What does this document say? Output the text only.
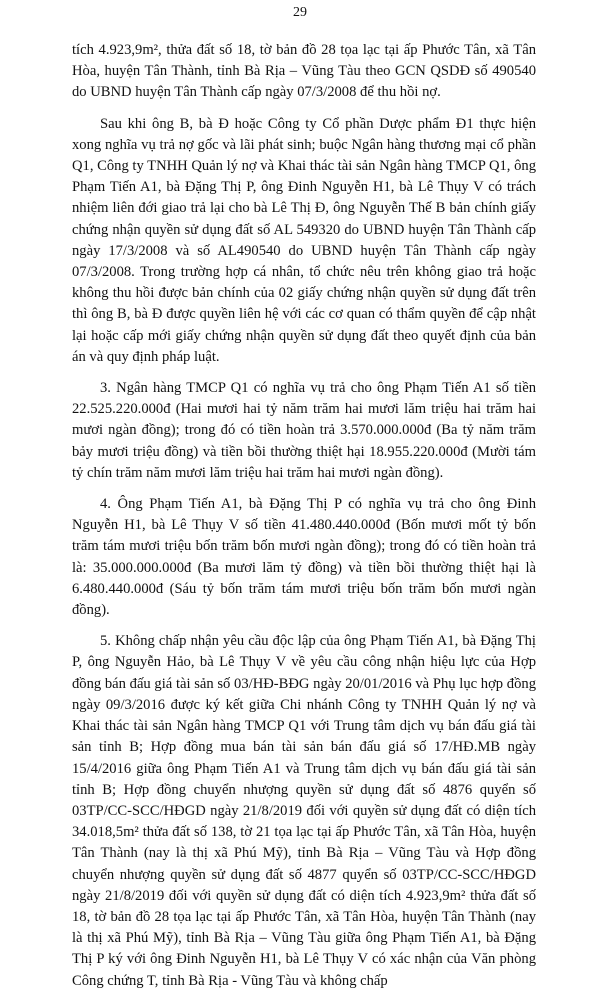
29

tích 4.923,9m², thửa đất số 18, tờ bản đồ 28 tọa lạc tại ấp Phước Tân, xã Tân Hòa, huyện Tân Thành, tỉnh Bà Rịa – Vũng Tàu theo GCN QSDĐ số 490540 do UBND huyện Tân Thành cấp ngày 07/3/2008 để thu hồi nợ.

Sau khi ông B, bà Đ hoặc Công ty Cổ phần Dược phẩm Đ1 thực hiện xong nghĩa vụ trả nợ gốc và lãi phát sinh; buộc Ngân hàng thương mại cổ phần Q1, Công ty TNHH Quản lý nợ và Khai thác tài sản Ngân hàng TMCP Q1, ông Phạm Tiến A1, bà Đặng Thị P, ông Đinh Nguyễn H1, bà Lê Thụy V có trách nhiệm liên đới giao trả lại cho bà Lê Thị Đ, ông Nguyễn Thế B bản chính giấy chứng nhận quyền sử dụng đất số AL 549320 do UBND huyện Tân Thành cấp ngày 17/3/2008 và số AL490540 do UBND huyện Tân Thành cấp ngày 07/3/2008. Trong trường hợp cá nhân, tổ chức nêu trên không giao trả hoặc không thu hồi được bản chính của 02 giấy chứng nhận quyền sử dụng đất trên thì ông B, bà Đ được quyền liên hệ với các cơ quan có thẩm quyền để cập nhật lại hoặc cấp mới giấy chứng nhận quyền sử dụng đất theo quyết định của bản án và quy định pháp luật.

3. Ngân hàng TMCP Q1 có nghĩa vụ trả cho ông Phạm Tiến A1 số tiền 22.525.220.000đ (Hai mươi hai tỷ năm trăm hai mươi lăm triệu hai trăm hai mươi ngàn đồng); trong đó có tiền hoàn trả 3.570.000.000đ (Ba tỷ năm trăm bảy mươi triệu đồng) và tiền bồi thường thiệt hại 18.955.220.000đ (Mười tám tỷ chín trăm năm mươi lăm triệu hai trăm hai mươi ngàn đồng).

4. Ông Phạm Tiến A1, bà Đặng Thị P có nghĩa vụ trả cho ông Đinh Nguyễn H1, bà Lê Thụy V số tiền 41.480.440.000đ (Bốn mươi mốt tỷ bốn trăm tám mươi triệu bốn trăm bốn mươi ngàn đồng); trong đó có tiền hoàn trả là: 35.000.000.000đ (Ba mươi lăm tỷ đồng) và tiền bồi thường thiệt hại là 6.480.440.000đ (Sáu tỷ bốn trăm tám mươi triệu bốn trăm bốn mươi ngàn đồng).

5. Không chấp nhận yêu cầu độc lập của ông Phạm Tiến A1, bà Đặng Thị P, ông Nguyễn Hảo, bà Lê Thụy V về yêu cầu công nhận hiệu lực của Hợp đồng bán đấu giá tài sản số 03/HĐ-BĐG ngày 20/01/2016 và Phụ lục hợp đồng ngày 09/3/2016 được ký kết giữa Chi nhánh Công ty TNHH Quản lý nợ và Khai thác tài sản Ngân hàng TMCP Q1 với Trung tâm dịch vụ bán đấu giá tài sản tỉnh B; Hợp đồng mua bán tài sản bán đấu giá số 17/HĐ.MB ngày 15/4/2016 giữa ông Phạm Tiến A1 và Trung tâm dịch vụ bán đấu giá tài sản tỉnh B; Hợp đồng chuyển nhượng quyền sử dụng đất số 4876 quyển số 03TP/CC-SCC/HĐGD ngày 21/8/2019 đối với quyền sử dụng đất có diện tích 34.018,5m² thửa đất số 138, tờ 21 tọa lạc tại ấp Phước Tân, xã Tân Hòa, huyện Tân Thành (nay là thị xã Phú Mỹ), tỉnh Bà Rịa – Vũng Tàu và Hợp đồng chuyển nhượng quyền sử dụng đất số 4877 quyển số 03TP/CC-SCC/HĐGD ngày 21/8/2019 đối với quyền sử dụng đất có diện tích 4.923,9m² thửa đất số 18, tờ bản đồ 28 tọa lạc tại ấp Phước Tân, xã Tân Hòa, huyện Tân Thành (nay là thị xã Phú Mỹ), tỉnh Bà Rịa – Vũng Tàu giữa ông Phạm Tiến A1, bà Đặng Thị P ký với ông Đinh Nguyễn H1, bà Lê Thụy V có xác nhận của Văn phòng Công chứng T, tỉnh Bà Rịa - Vũng Tàu và không chấp
